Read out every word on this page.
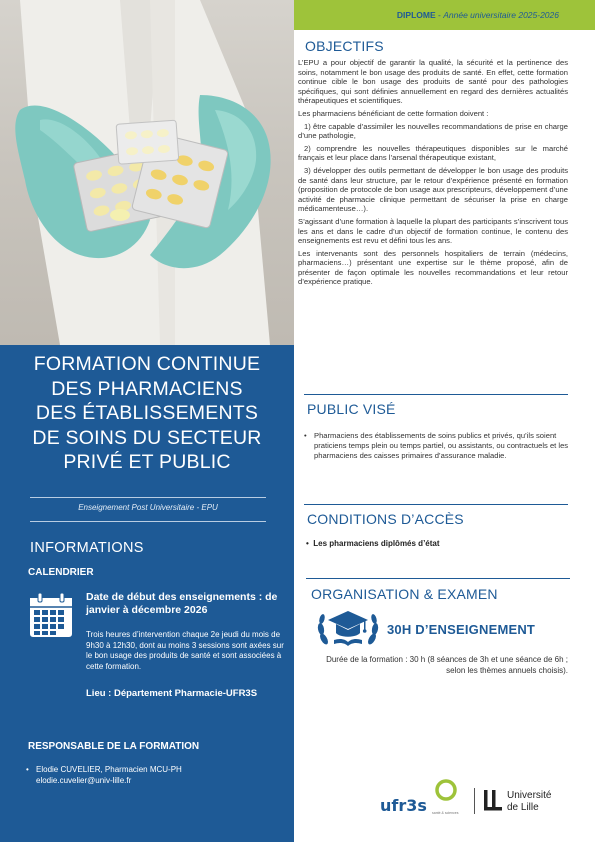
FORMATION CONTINUE
DES PHARMACIENS
DES ÉTABLISSEMENTS
DE SOINS DU SECTEUR
PRIVÉ ET PUBLIC
Enseignement Post Universitaire - EPU
INFORMATIONS
CALENDRIER
Date de début des enseignements : de janvier à décembre 2026
Trois heures d’intervention chaque 2e jeudi du mois de 9h30 à 12h30, dont au moins 3 sessions sont axées sur le bon usage des produits de santé et sont associées à cette formation.
Lieu : Département Pharmacie-UFR3S
RESPONSABLE DE LA FORMATION
• Elodie CUVELIER, Pharmacien MCU-PH
elodie.cuvelier@univ-lille.fr
DIPLOME - Année universitaire 2025-2026
OBJECTIFS

L’EPU a pour objectif de garantir la qualité, la sécurité et la pertinence des soins, notamment le bon usage des produits de santé. En effet, cette formation continue cible le bon usage des produits de santé pour des pathologies spécifiques, qui sont définies annuellement en regard des dernières actualités thérapeutiques et scientifiques.

Les pharmaciens bénéficiant de cette formation doivent :

1) être capable d’assimiler les nouvelles recommandations de prise en charge d’une pathologie,

2) comprendre les nouvelles thérapeutiques disponibles sur le marché français et leur place dans l’arsenal thérapeutique existant,

3) développer des outils permettant de développer le bon usage des produits de santé dans leur structure, par le retour d’expérience présenté en formation (proposition de protocole de bon usage aux prescripteurs, développement d’une activité de pharmacie clinique permettant de sécuriser la prise en charge médicamenteuse…).

S’agissant d’une formation à laquelle la plupart des participants s’inscrivent tous les ans et dans le cadre d’un objectif de formation continue, le contenu des enseignements est revu et défini tous les ans.

Les intervenants sont des personnels hospitaliers de terrain (médecins, pharmaciens…) présentant une expertise sur le thème proposé, afin de présenter de façon optimale les nouvelles recommandations et leur retour d’expérience pratique.

PUBLIC VISÉ
• Pharmaciens des établissements de soins publics et privés, qu’ils soient praticiens temps plein ou temps partiel, ou assistants, ou contractuels et les pharmaciens des caisses primaires d’assurance maladie.
CONDITIONS D’ACCÈS
•  Les pharmaciens diplômés d’état
ORGANISATION & EXAMEN
30H D’ENSEIGNEMENT
Durée de la formation : 30 h (8 séances de 3h et une séance de 6h ; selon les thèmes annuels choisis).
ufr3s santé & sciences
Université
de Lille
